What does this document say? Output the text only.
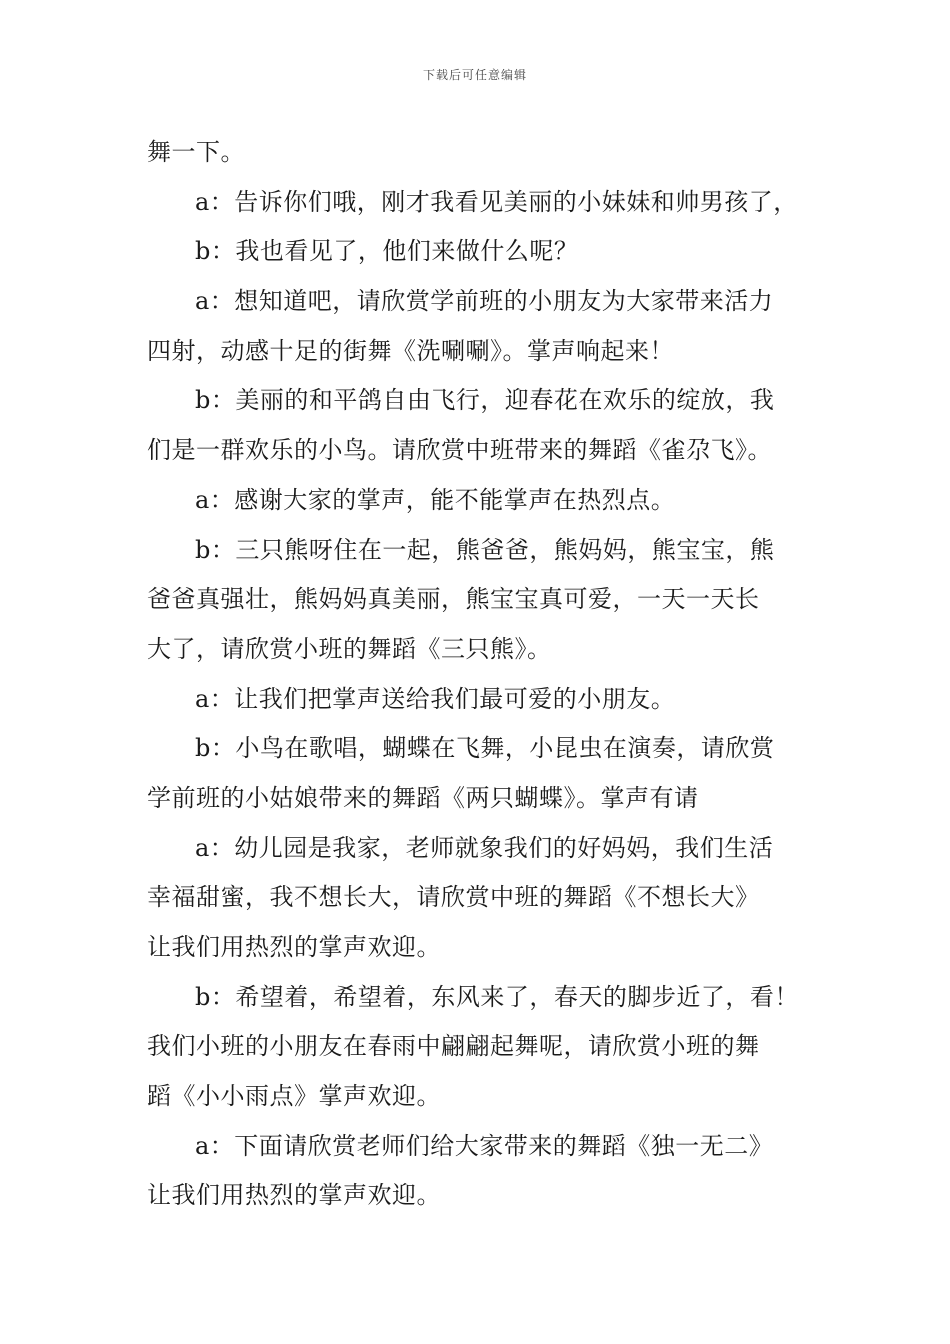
下载后可任意编辑
舞一下。
a：告诉你们哦，刚才我看见美丽的小妹妹和帅男孩了，
b：我也看见了，他们来做什么呢？
a：想知道吧，请欣赏学前班的小朋友为大家带来活力
四射，动感十足的街舞《洗唰唰》。掌声响起来！
b：美丽的和平鸽自由飞行，迎春花在欢乐的绽放，我
们是一群欢乐的小鸟。请欣赏中班带来的舞蹈《雀尕飞》。
a：感谢大家的掌声，能不能掌声在热烈点。
b：三只熊呀住在一起，熊爸爸，熊妈妈，熊宝宝，熊
爸爸真强壮，熊妈妈真美丽，熊宝宝真可爱，一天一天长
大了，请欣赏小班的舞蹈《三只熊》。
a：让我们把掌声送给我们最可爱的小朋友。
b：小鸟在歌唱，蝴蝶在飞舞，小昆虫在演奏，请欣赏
学前班的小姑娘带来的舞蹈《两只蝴蝶》。掌声有请
a：幼儿园是我家，老师就象我们的好妈妈，我们生活
幸福甜蜜，我不想长大，请欣赏中班的舞蹈《不想长大》
让我们用热烈的掌声欢迎。
b：希望着，希望着，东风来了，春天的脚步近了，看！
我们小班的小朋友在春雨中翩翩起舞呢，请欣赏小班的舞
蹈《小小雨点》掌声欢迎。
a：下面请欣赏老师们给大家带来的舞蹈《独一无二》
让我们用热烈的掌声欢迎。
